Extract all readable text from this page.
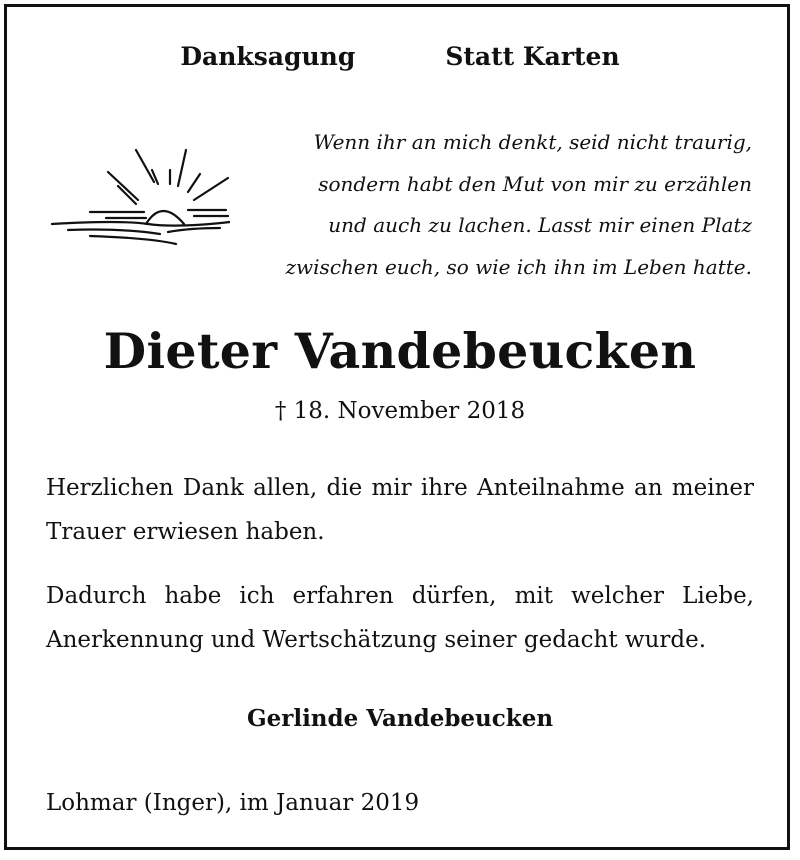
Danksagung	Statt Karten
Wenn ihr an mich denkt, seid nicht traurig,
sondern habt den Mut von mir zu erzählen
und auch zu lachen. Lasst mir einen Platz
zwischen euch, so wie ich ihn im Leben hatte.
Dieter Vandebeucken
† 18. November 2018
Herzlichen Dank allen, die mir ihre Anteilnahme an meiner Trauer erwiesen haben.
Dadurch habe ich erfahren dürfen, mit welcher Liebe, Anerkennung und Wertschätzung seiner gedacht wurde.
Gerlinde Vandebeucken
Lohmar (Inger), im Januar 2019
